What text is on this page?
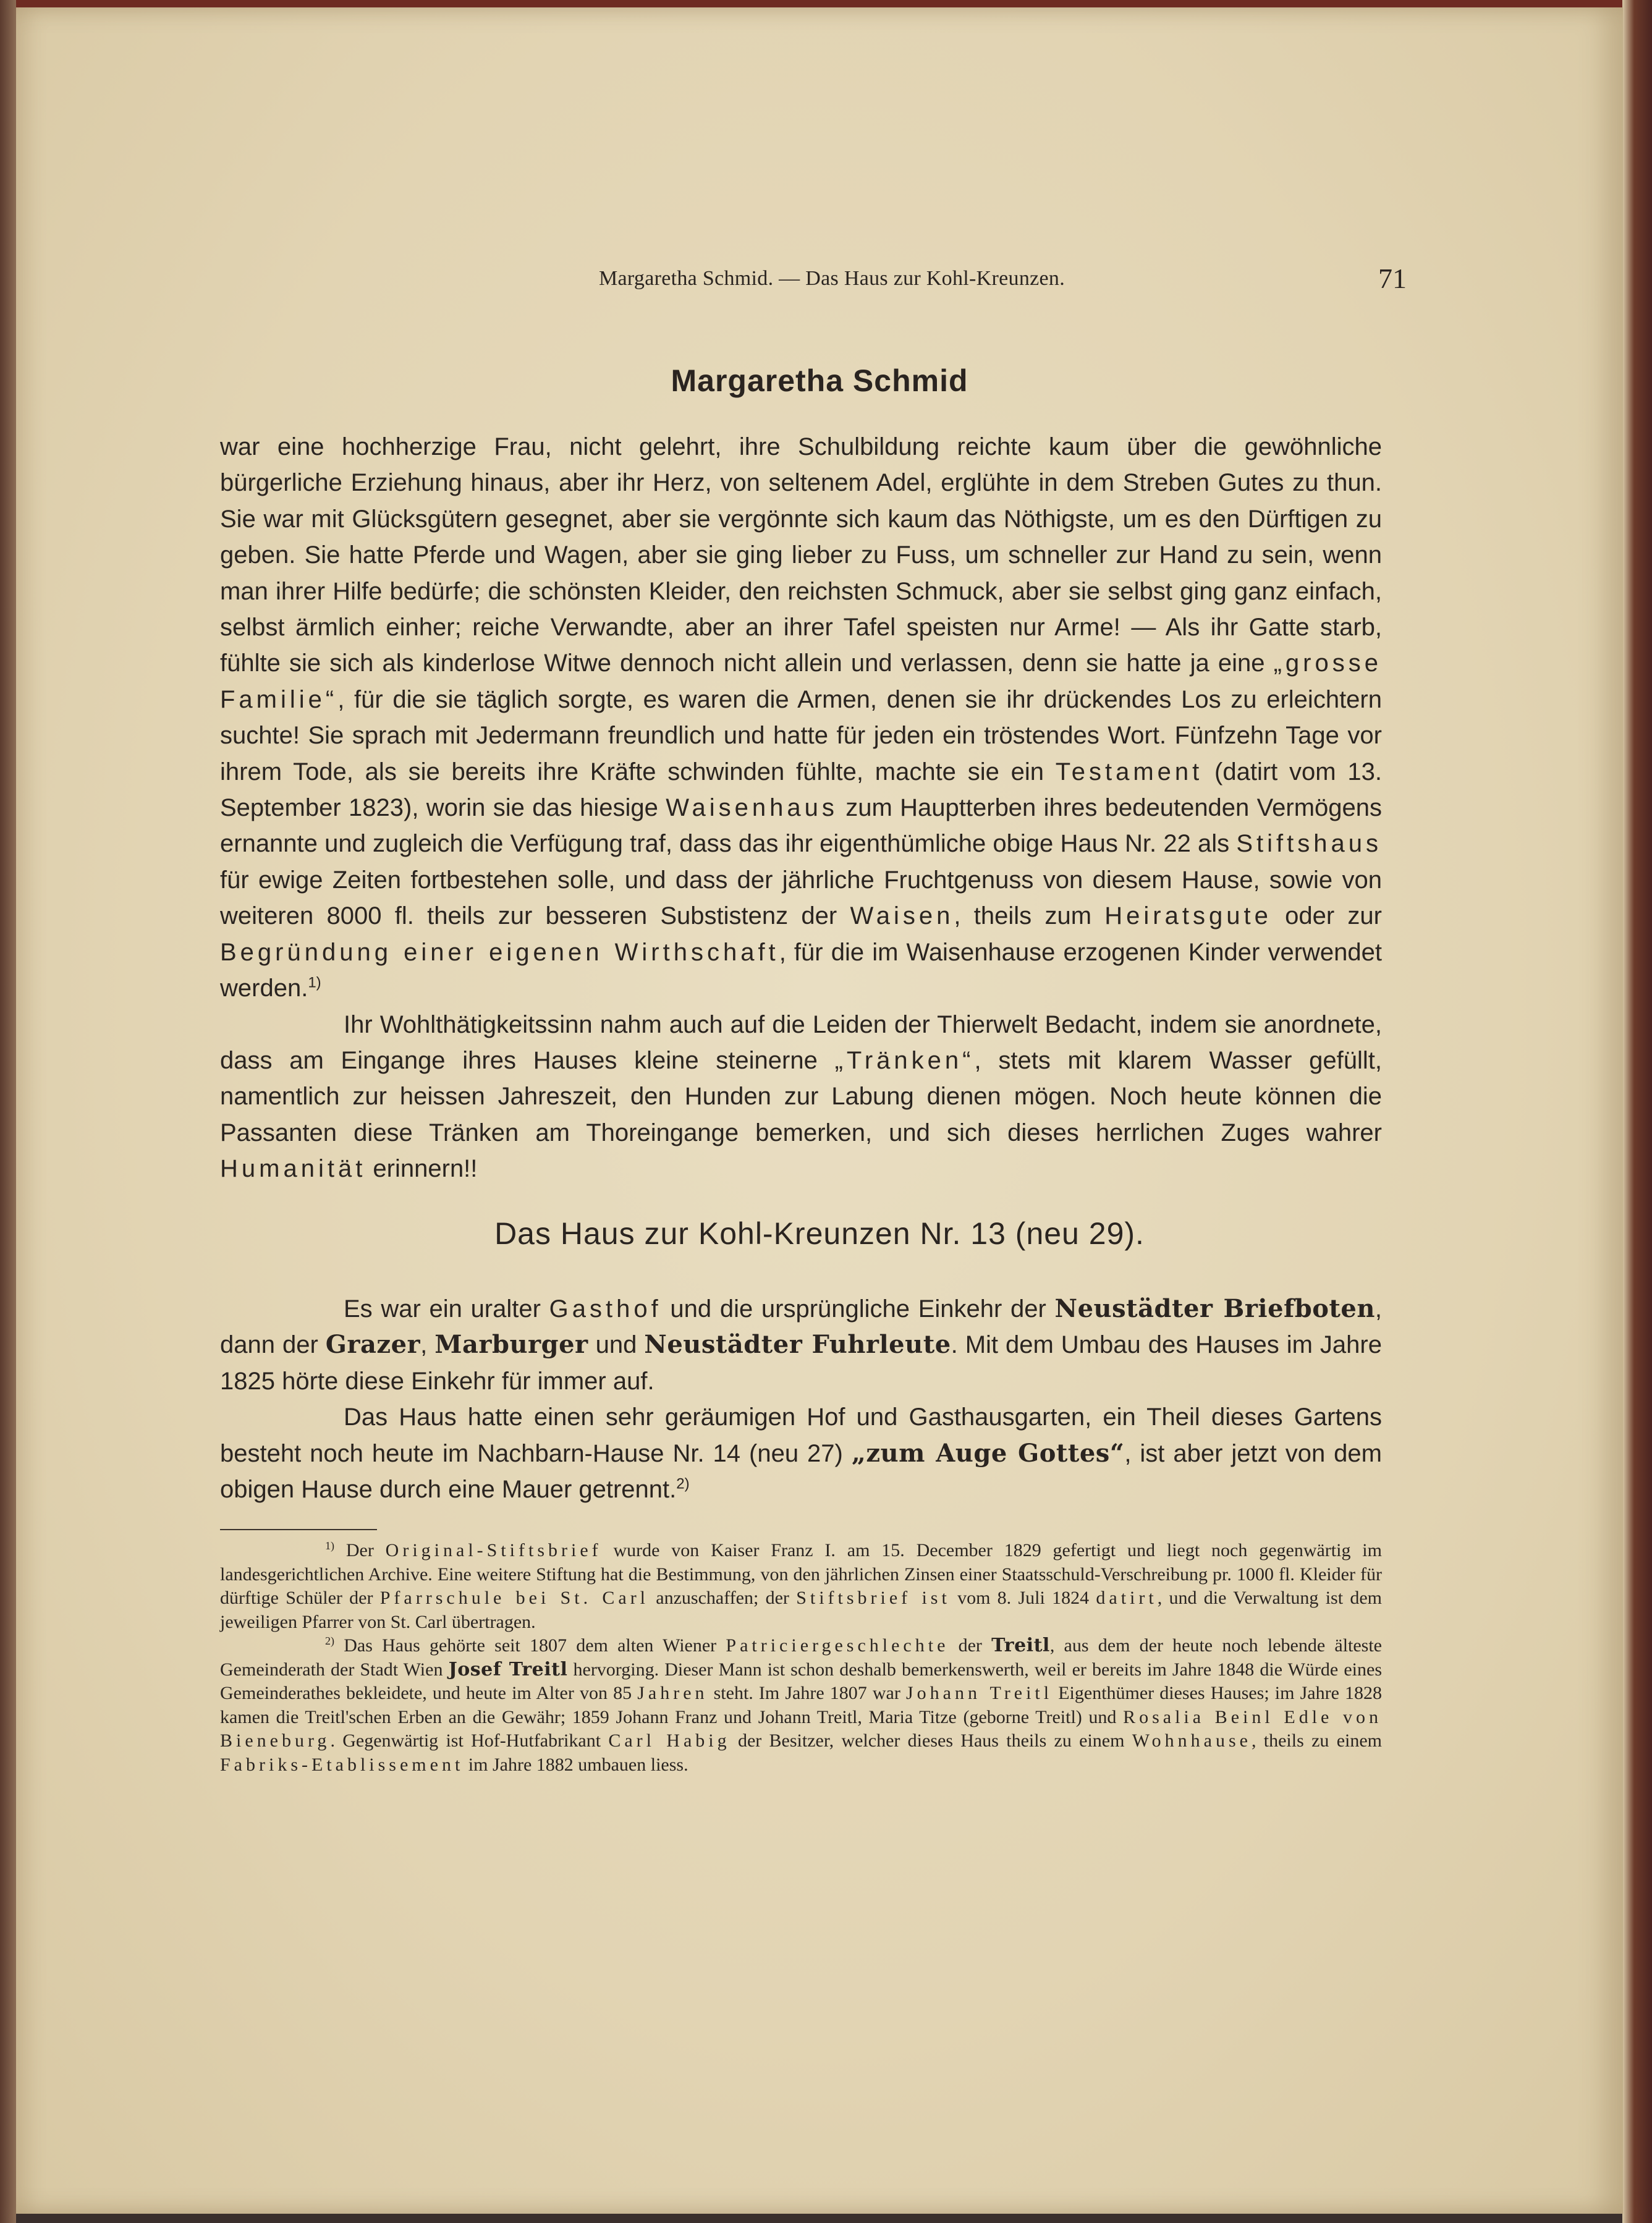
Margaretha Schmid. — Das Haus zur Kohl-Kreunzen.	71
Margaretha Schmid

war eine hochherzige Frau, nicht gelehrt, ihre Schulbildung reichte kaum über die gewöhnliche bürgerliche Erziehung hinaus, aber ihr Herz, von seltenem Adel, erglühte in dem Streben Gutes zu thun. Sie war mit Glücksgütern gesegnet, aber sie vergönnte sich kaum das Nöthigste, um es den Dürftigen zu geben. Sie hatte Pferde und Wagen, aber sie ging lieber zu Fuss, um schneller zur Hand zu sein, wenn man ihrer Hilfe bedürfe; die schönsten Kleider, den reichsten Schmuck, aber sie selbst ging ganz einfach, selbst ärmlich einher; reiche Verwandte, aber an ihrer Tafel speisten nur Arme! — Als ihr Gatte starb, fühlte sie sich als kinderlose Witwe dennoch nicht allein und verlassen, denn sie hatte ja eine „grosse Familie“, für die sie täglich sorgte, es waren die Armen, denen sie ihr drückendes Los zu erleichtern suchte! Sie sprach mit Jedermann freundlich und hatte für jeden ein tröstendes Wort. Fünfzehn Tage vor ihrem Tode, als sie bereits ihre Kräfte schwinden fühlte, machte sie ein Testament (datirt vom 13. September 1823), worin sie das hiesige Waisenhaus zum Hauptterben ihres bedeutenden Vermögens ernannte und zugleich die Verfügung traf, dass das ihr eigenthümliche obige Haus Nr. 22 als Stiftshaus für ewige Zeiten fortbestehen solle, und dass der jährliche Fruchtgenuss von diesem Hause, sowie von weiteren 8000 fl. theils zur besseren Substistenz der Waisen, theils zum Heiratsgute oder zur Begründung einer eigenen Wirthschaft, für die im Waisenhause erzogenen Kinder verwendet werden.$^{1)}$

Ihr Wohlthätigkeitssinn nahm auch auf die Leiden der Thierwelt Bedacht, indem sie anordnete, dass am Eingange ihres Hauses kleine steinerne „Tränken“, stets mit klarem Wasser gefüllt, namentlich zur heissen Jahreszeit, den Hunden zur Labung dienen mögen. Noch heute können die Passanten diese Tränken am Thoreingange bemerken, und sich dieses herrlichen Zuges wahrer Humanität erinnern!!

Das Haus zur Kohl-Kreunzen Nr. 13 (neu 29).

Es war ein uralter Gasthof und die ursprüngliche Einkehr der Neustädter Briefboten, dann der Grazer, Marburger und Neustädter Fuhrleute. Mit dem Umbau des Hauses im Jahre 1825 hörte diese Einkehr für immer auf.

Das Haus hatte einen sehr geräumigen Hof und Gasthausgarten, ein Theil dieses Gartens besteht noch heute im Nachbarn-Hause Nr. 14 (neu 27) „zum Auge Gottes“, ist aber jetzt von dem obigen Hause durch eine Mauer getrennt.$^{2)}$

$^{1)}$ Der Original-Stiftsbrief wurde von Kaiser Franz I. am 15. December 1829 gefertigt und liegt noch gegenwärtig im landesgerichtlichen Archive. Eine weitere Stiftung hat die Bestimmung, von den jährlichen Zinsen einer Staatsschuld-Verschreibung pr. 1000 fl. Kleider für dürftige Schüler der Pfarrschule bei St. Carl anzuschaffen; der Stiftsbrief ist vom 8. Juli 1824 datirt, und die Verwaltung ist dem jeweiligen Pfarrer von St. Carl übertragen.

$^{2)}$ Das Haus gehörte seit 1807 dem alten Wiener Patriciergeschlechte der Treitl, aus dem der heute noch lebende älteste Gemeinderath der Stadt Wien Josef Treitl hervorging. Dieser Mann ist schon deshalb bemerkenswerth, weil er bereits im Jahre 1848 die Würde eines Gemeinderathes bekleidete, und heute im Alter von 85 Jahren steht. Im Jahre 1807 war Johann Treitl Eigenthümer dieses Hauses; im Jahre 1828 kamen die Treitl'schen Erben an die Gewähr; 1859 Johann Franz und Johann Treitl, Maria Titze (geborne Treitl) und Rosalia Beinl Edle von Bieneburg. Gegenwärtig ist Hof-Hutfabrikant Carl Habig der Besitzer, welcher dieses Haus theils zu einem Wohnhause, theils zu einem Fabriks-Etablissement im Jahre 1882 umbauen liess.
